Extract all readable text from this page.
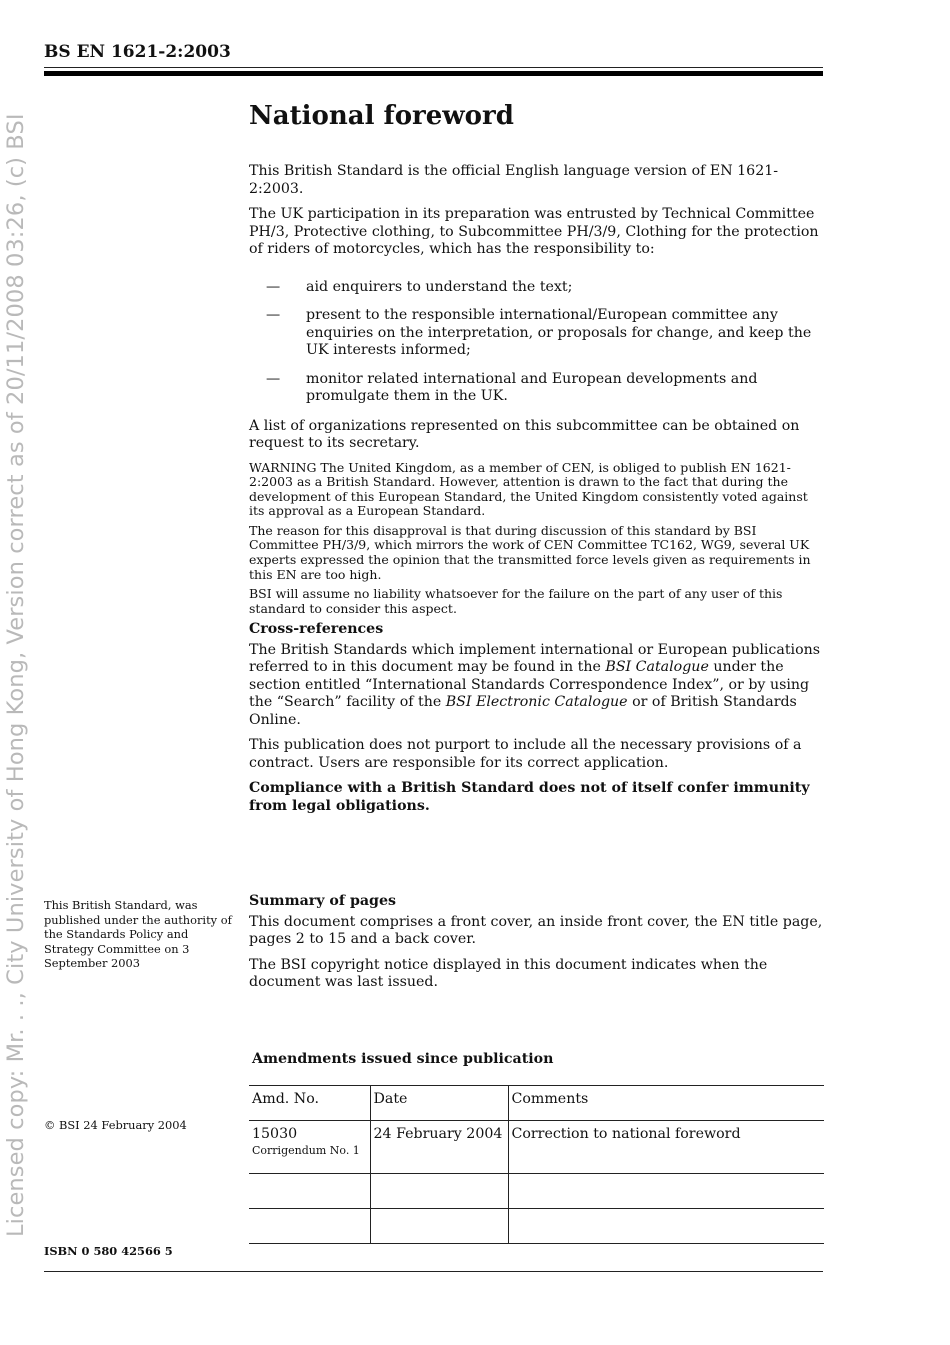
BS EN 1621-2:2003
Licensed copy: Mr. . ., City University of Hong Kong, Version correct as of 20/11/2008 03:26, (c) BSI	National foreword

This British Standard is the official English language version of EN 1621-2:2003.

The UK participation in its preparation was entrusted by Technical Committee PH/3, Protective clothing, to Subcommittee PH/3/9, Clothing for the protection of riders of motorcycles, which has the responsibility to:

— aid enquirers to understand the text;
— present to the responsible international/European committee any enquiries on the interpretation, or proposals for change, and keep the UK interests informed;
— monitor related international and European developments and promulgate them in the UK.

A list of organizations represented on this subcommittee can be obtained on request to its secretary.

WARNING The United Kingdom, as a member of CEN, is obliged to publish EN 1621-2:2003 as a British Standard. However, attention is drawn to the fact that during the development of this European Standard, the United Kingdom consistently voted against its approval as a European Standard.

The reason for this disapproval is that during discussion of this standard by BSI Committee PH/3/9, which mirrors the work of CEN Committee TC162, WG9, several UK experts expressed the opinion that the transmitted force levels given as requirements in this EN are too high.

BSI will assume no liability whatsoever for the failure on the part of any user of this standard to consider this aspect.

Cross-references

The British Standards which implement international or European publications referred to in this document may be found in the BSI Catalogue under the section entitled “International Standards Correspondence Index”, or by using the “Search” facility of the BSI Electronic Catalogue or of British Standards Online.

This publication does not purport to include all the necessary provisions of a contract. Users are responsible for its correct application.

Compliance with a British Standard does not of itself confer immunity from legal obligations.

This British Standard, was published under the authority of the Standards Policy and Strategy Committee on 3 September 2003
Summary of pages

This document comprises a front cover, an inside front cover, the EN title page, pages 2 to 15 and a back cover.

The BSI copyright notice displayed in this document indicates when the document was last issued.

© BSI 24 February 2004
Amendments issued since publication
Amd. No.	Date	Comments
15030
Corrigendum No. 1	24 February 2004	Correction to national foreword

ISBN 0 580 42566 5
